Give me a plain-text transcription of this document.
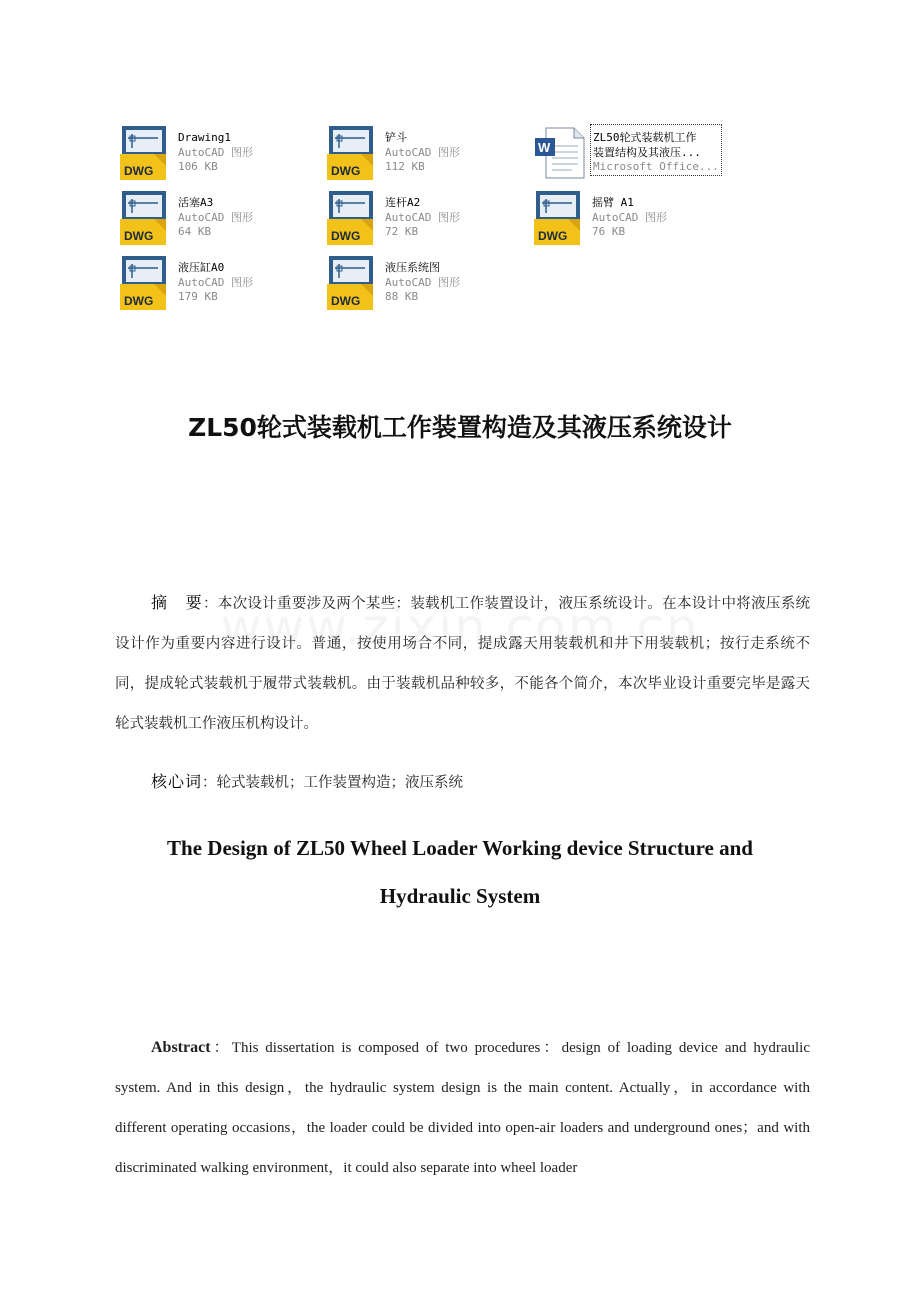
DWG
Drawing1
AutoCAD 图形
106 KB	DWG
铲斗
AutoCAD 图形
112 KB
W
ZL50轮式装载机工作
装置结构及其液压...
Microsoft Office...
DWG
活塞A3
AutoCAD 图形
64 KB	DWG
连杆A2
AutoCAD 图形
72 KB	DWG
摇臂 A1
AutoCAD 图形
76 KB
DWG
液压缸A0
AutoCAD 图形
179 KB	DWG
液压系统图
AutoCAD 图形
88 KB
ZL50轮式装载机工作装置构造及其液压系统设计
摘　要：本次设计重要涉及两个某些：装载机工作装置设计，液压系统设计。在本设计中将液压系统设计作为重要内容进行设计。普通，按使用场合不同，提成露天用装载机和井下用装载机；按行走系统不同，提成轮式装载机于履带式装载机。由于装载机品种较多，不能各个简介，本次毕业设计重要完毕是露天轮式装载机工作液压机构设计。
核心词：轮式装载机；工作装置构造；液压系统
The Design of ZL50 Wheel Loader Working device Structure and
Hydraulic System
Abstract：This dissertation is composed of two procedures：design of loading device and hydraulic system. And in this design，the hydraulic system design is the main content. Actually，in accordance with different operating occasions，the loader could be divided into open-air loaders and underground ones；and with discriminated walking environment，it could also separate into wheel loader
